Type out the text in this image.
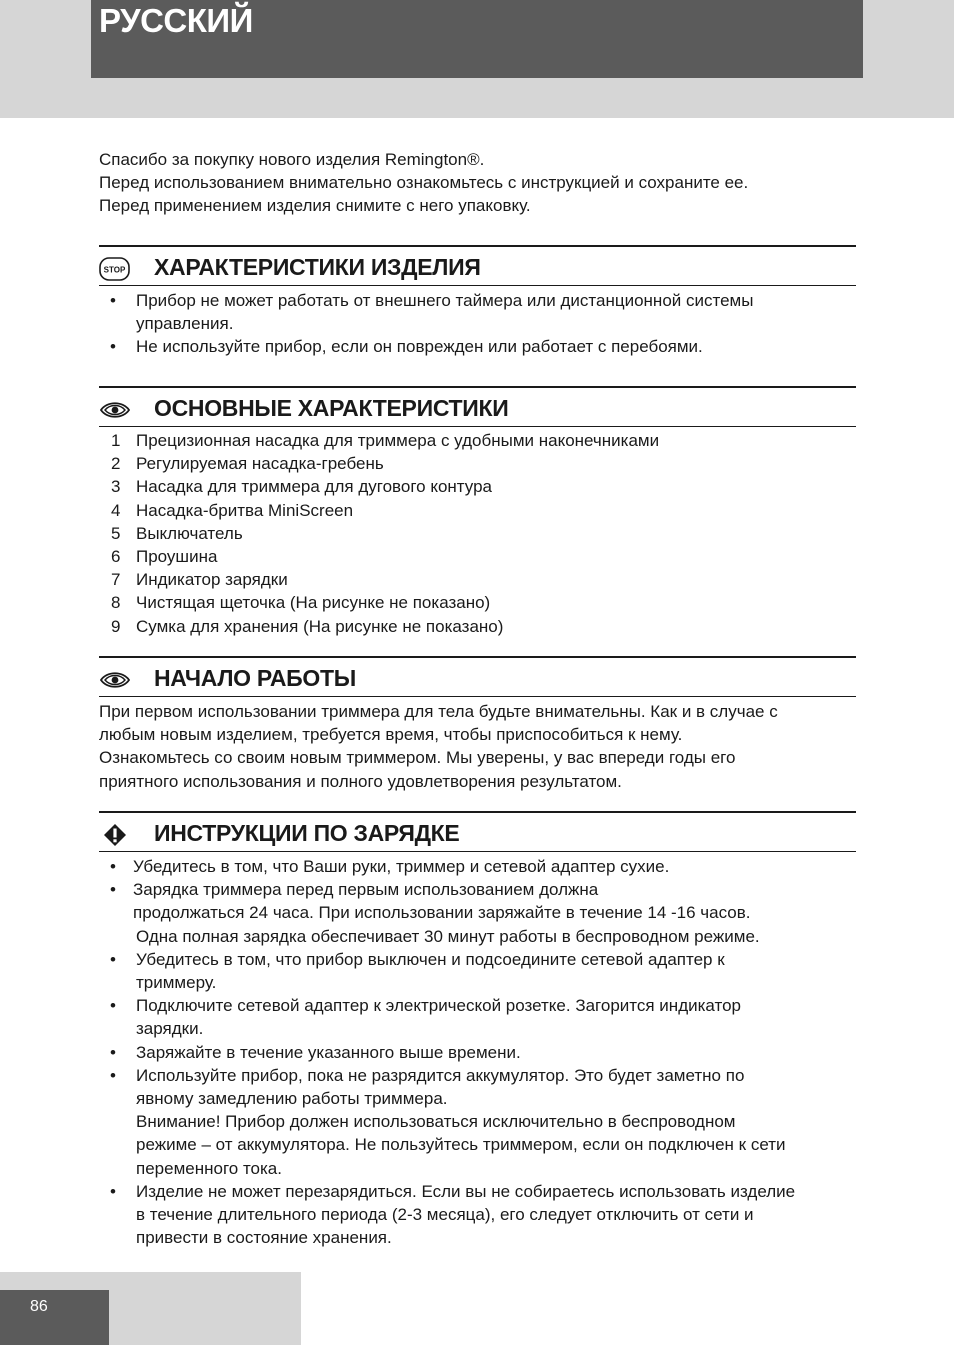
РУССКИЙ

Спасибо за покупку нового изделия Remington®.

Перед использованием внимательно ознакомьтесь с инструкцией и сохраните ее.

Перед применением изделия снимите с него упаковку.

STOP ХАРАКТЕРИСТИКИ ИЗДЕЛИЯ
• Прибор не может работать от внешнего таймера или дистанционной системы
управления.
• Не используйте прибор, если он поврежден или работает с перебоями.
ОСНОВНЫЕ ХАРАКТЕРИСТИКИ
1 Прецизионная насадка для триммера с удобными наконечниками
2 Регулируемая насадка-гребень
3 Насадка для триммера для дугового контура
4 Насадка-бритва MiniScreen
5 Выключатель
6 Проушина
7 Индикатор зарядки
8 Чистящая щеточка (На рисунке не показано)
9 Сумка для хранения (На рисунке не показано)
НАЧАЛО РАБОТЫ
При первом использовании триммера для тела будьте внимательны. Как и в случае с
любым новым изделием, требуется время, чтобы приспособиться к нему.
Ознакомьтесь со своим новым триммером. Мы уверены, у вас впереди годы его
приятного использования и полного удовлетворения результатом.
ИНСТРУКЦИИ ПО ЗАРЯДКЕ
• Убедитесь в том, что Ваши руки, триммер и сетевой адаптер сухие.
• Зарядка триммера перед первым использованием должна
продолжаться 24 часа. При использовании заряжайте в течение 14 -16 часов.
Одна полная зарядка обеспечивает 30 минут работы в беспроводном режиме.
• Убедитесь в том, что прибор выключен и подсоедините сетевой адаптер к
триммеру.
• Подключите сетевой адаптер к электрической розетке. Загорится индикатор
зарядки.
• Заряжайте в течение указанного выше времени.
• Используйте прибор, пока не разрядится аккумулятор. Это будет заметно по
явному замедлению работы триммера.
Внимание! Прибор должен использоваться исключительно в беспроводном
режиме – от аккумулятора. Не пользуйтесь триммером, если он подключен к сети
переменного тока.
• Изделие не может перезарядиться. Если вы не собираетесь использовать изделие
в течение длительного периода (2-3 месяца), его следует отключить от сети и
привести в состояние хранения.
86
